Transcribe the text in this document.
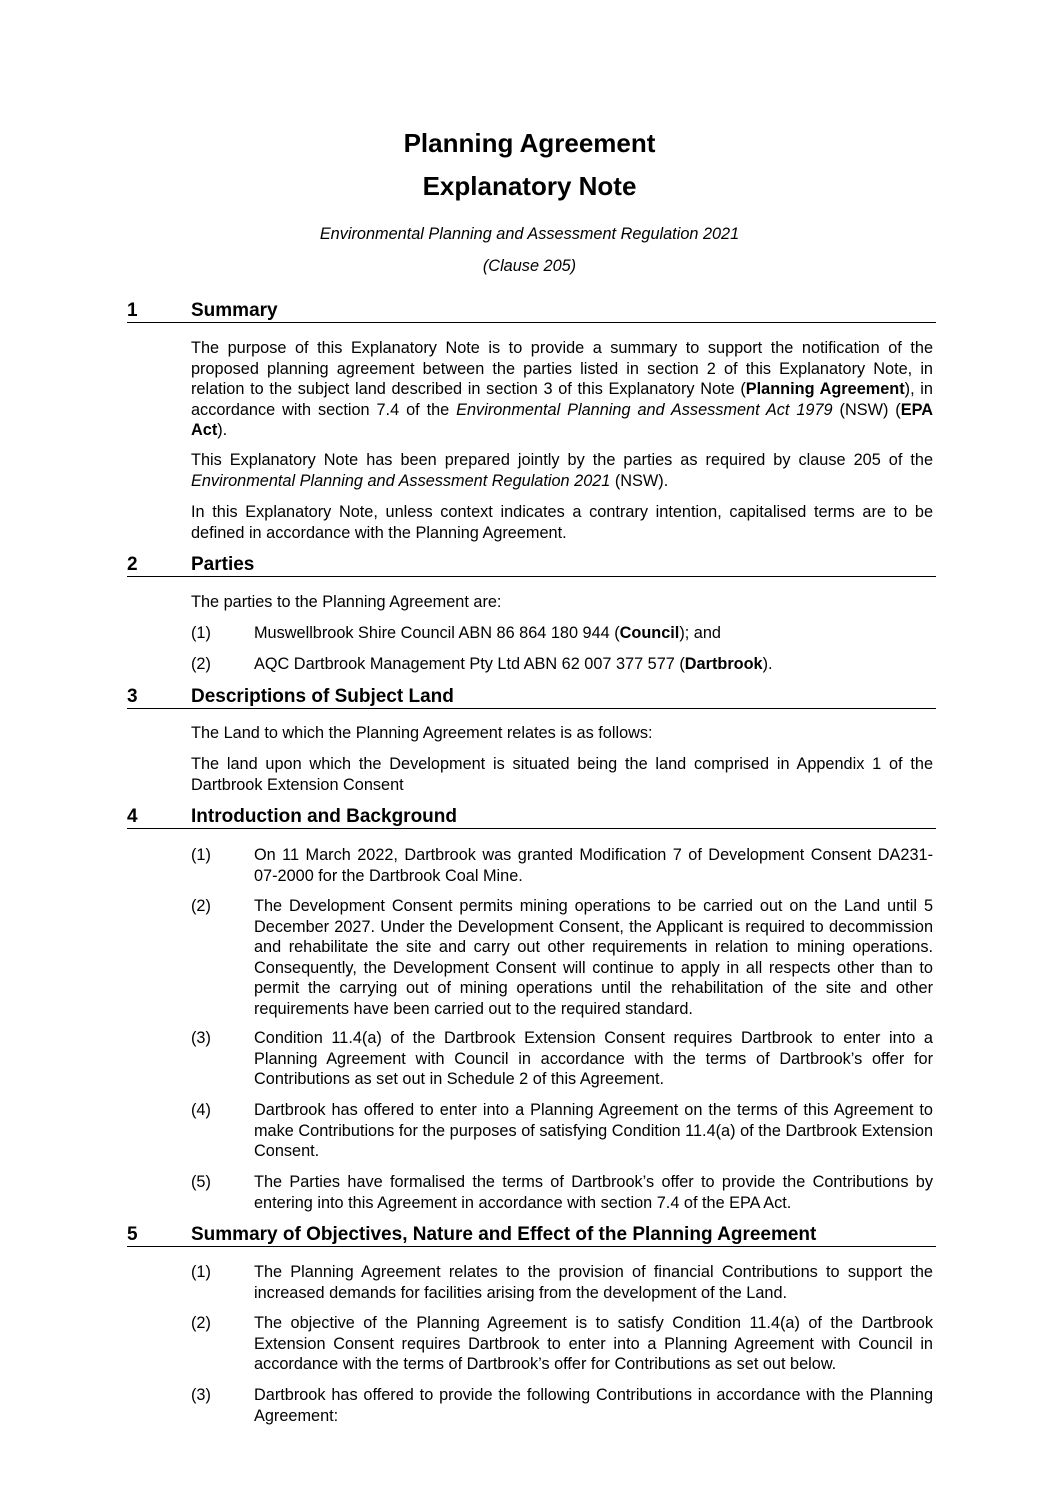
Planning Agreement
Explanatory Note
Environmental Planning and Assessment Regulation 2021
(Clause 205)
1	Summary

The purpose of this Explanatory Note is to provide a summary to support the notification of the proposed planning agreement between the parties listed in section 2 of this Explanatory Note, in relation to the subject land described in section 3 of this Explanatory Note (Planning Agreement), in accordance with section 7.4 of the Environmental Planning and Assessment Act 1979 (NSW) (EPA Act).

This Explanatory Note has been prepared jointly by the parties as required by clause 205 of the Environmental Planning and Assessment Regulation 2021 (NSW).

In this Explanatory Note, unless context indicates a contrary intention, capitalised terms are to be defined in accordance with the Planning Agreement.

2	Parties

The parties to the Planning Agreement are:

(1)	Muswellbrook Shire Council ABN 86 864 180 944 (Council); and
(2)	AQC Dartbrook Management Pty Ltd ABN 62 007 377 577 (Dartbrook).
3	Descriptions of Subject Land

The Land to which the Planning Agreement relates is as follows:

The land upon which the Development is situated being the land comprised in Appendix 1 of the Dartbrook Extension Consent

4	Introduction and Background
(1)	On 11 March 2022, Dartbrook was granted Modification 7 of Development Consent DA231-07-2000 for the Dartbrook Coal Mine.
(2)	The Development Consent permits mining operations to be carried out on the Land until 5 December 2027. Under the Development Consent, the Applicant is required to decommission and rehabilitate the site and carry out other requirements in relation to mining operations. Consequently, the Development Consent will continue to apply in all respects other than to permit the carrying out of mining operations until the rehabilitation of the site and other requirements have been carried out to the required standard.
(3)	Condition 11.4(a) of the Dartbrook Extension Consent requires Dartbrook to enter into a Planning Agreement with Council in accordance with the terms of Dartbrook’s offer for Contributions as set out in Schedule 2 of this Agreement.
(4)	Dartbrook has offered to enter into a Planning Agreement on the terms of this Agreement to make Contributions for the purposes of satisfying Condition 11.4(a) of the Dartbrook Extension Consent.
(5)	The Parties have formalised the terms of Dartbrook’s offer to provide the Contributions by entering into this Agreement in accordance with section 7.4 of the EPA Act.
5	Summary of Objectives, Nature and Effect of the Planning Agreement
(1)	The Planning Agreement relates to the provision of financial Contributions to support the increased demands for facilities arising from the development of the Land.
(2)	The objective of the Planning Agreement is to satisfy Condition 11.4(a) of the Dartbrook Extension Consent requires Dartbrook to enter into a Planning Agreement with Council in accordance with the terms of Dartbrook’s offer for Contributions as set out below.
(3)	Dartbrook has offered to provide the following Contributions in accordance with the Planning Agreement:
